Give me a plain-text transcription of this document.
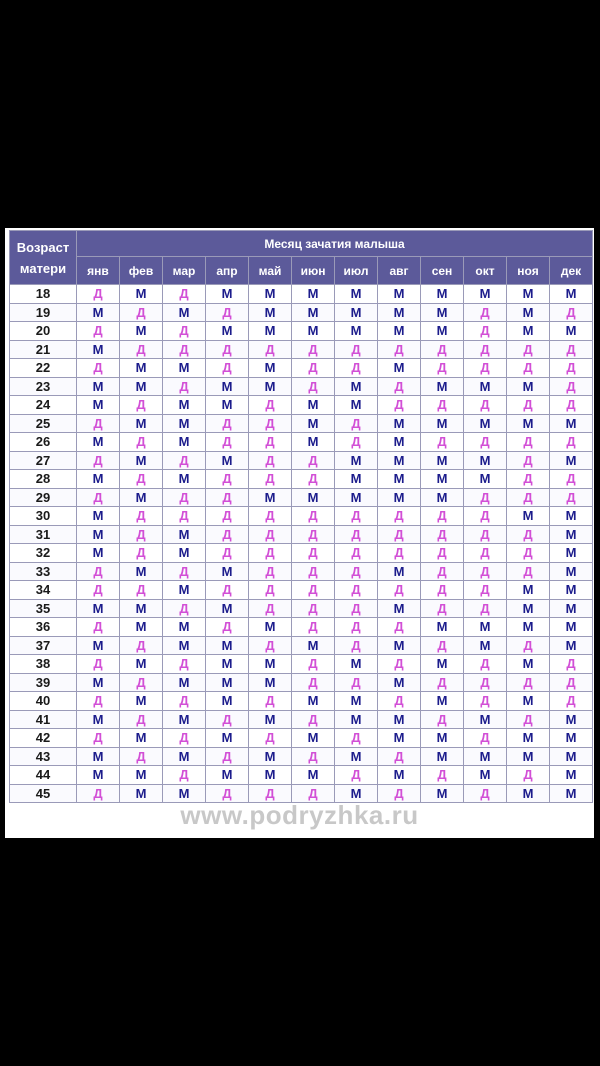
Возраст матери	Месяц зачатия малыша											
	янв	фев	мар	апр	май	июн	июл	авг	сен	окт	ноя	дек
18	Д	М	Д	М	М	М	М	М	М	М	М	М
19	М	Д	М	Д	М	М	М	М	М	Д	М	Д
20	Д	М	Д	М	М	М	М	М	М	Д	М	М
21	М	Д	Д	Д	Д	Д	Д	Д	Д	Д	Д	Д
22	Д	М	М	Д	М	Д	Д	М	Д	Д	Д	Д
23	М	М	Д	М	М	Д	М	Д	М	М	М	Д
24	М	Д	М	М	Д	М	М	Д	Д	Д	Д	Д
25	Д	М	М	Д	Д	М	Д	М	М	М	М	М
26	М	Д	М	Д	Д	М	Д	М	Д	Д	Д	Д
27	Д	М	Д	М	Д	Д	М	М	М	М	Д	М
28	М	Д	М	Д	Д	Д	М	М	М	М	Д	Д
29	Д	М	Д	Д	М	М	М	М	М	Д	Д	Д
30	М	Д	Д	Д	Д	Д	Д	Д	Д	Д	М	М
31	М	Д	М	Д	Д	Д	Д	Д	Д	Д	Д	М
32	М	Д	М	Д	Д	Д	Д	Д	Д	Д	Д	М
33	Д	М	Д	М	Д	Д	Д	М	Д	Д	Д	М
34	Д	Д	М	Д	Д	Д	Д	Д	Д	Д	М	М
35	М	М	Д	М	Д	Д	Д	М	Д	Д	М	М
36	Д	М	М	Д	М	Д	Д	Д	М	М	М	М
37	М	Д	М	М	Д	М	Д	М	Д	М	Д	М
38	Д	М	Д	М	М	Д	М	Д	М	Д	М	Д
39	М	Д	М	М	М	Д	Д	М	Д	Д	Д	Д
40	Д	М	Д	М	Д	М	М	Д	М	Д	М	Д
41	М	Д	М	Д	М	Д	М	М	Д	М	Д	М
42	Д	М	Д	М	Д	М	Д	М	М	Д	М	М
43	М	Д	М	Д	М	Д	М	Д	М	М	М	М
44	М	М	Д	М	М	М	Д	М	Д	М	Д	М
45	Д	М	М	Д	Д	Д	М	Д	М	Д	М	М
www.podryzhka.ru
